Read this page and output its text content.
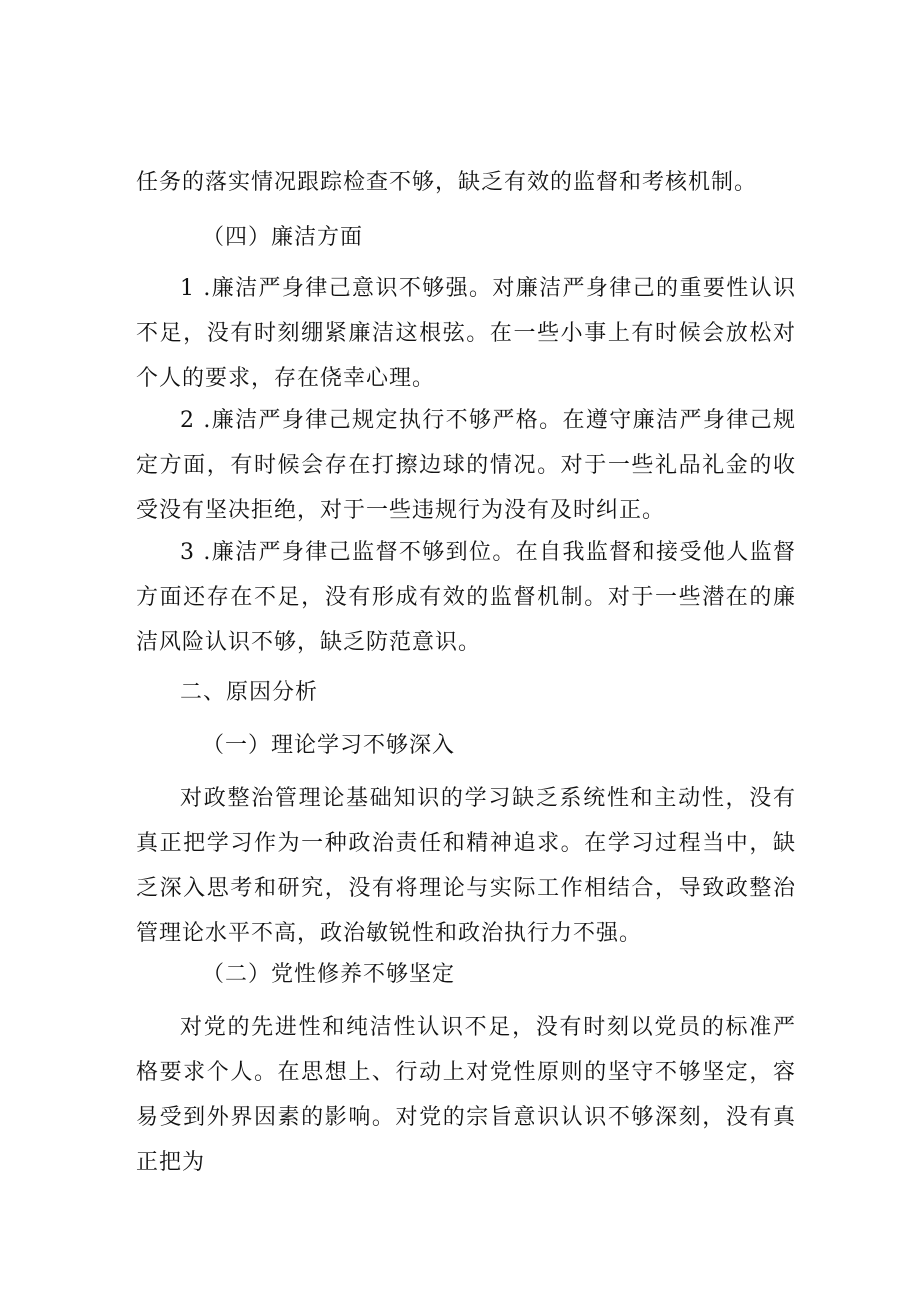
任务的落实情况跟踪检查不够，缺乏有效的监督和考核机制。

（四）廉洁方面

1 .廉洁严身律己意识不够强。对廉洁严身律己的重要性认识不足，没有时刻绷紧廉洁这根弦。在一些小事上有时候会放松对个人的要求，存在侥幸心理。

2 .廉洁严身律己规定执行不够严格。在遵守廉洁严身律己规定方面，有时候会存在打擦边球的情况。对于一些礼品礼金的收受没有坚决拒绝，对于一些违规行为没有及时纠正。

3 .廉洁严身律己监督不够到位。在自我监督和接受他人监督方面还存在不足，没有形成有效的监督机制。对于一些潜在的廉洁风险认识不够，缺乏防范意识。

二、原因分析

（一）理论学习不够深入

对政整治管理论基础知识的学习缺乏系统性和主动性，没有真正把学习作为一种政治责任和精神追求。在学习过程当中，缺乏深入思考和研究，没有将理论与实际工作相结合，导致政整治管理论水平不高，政治敏锐性和政治执行力不强。

（二）党性修养不够坚定

对党的先进性和纯洁性认识不足，没有时刻以党员的标准严格要求个人。在思想上、行动上对党性原则的坚守不够坚定，容易受到外界因素的影响。对党的宗旨意识认识不够深刻，没有真正把为
